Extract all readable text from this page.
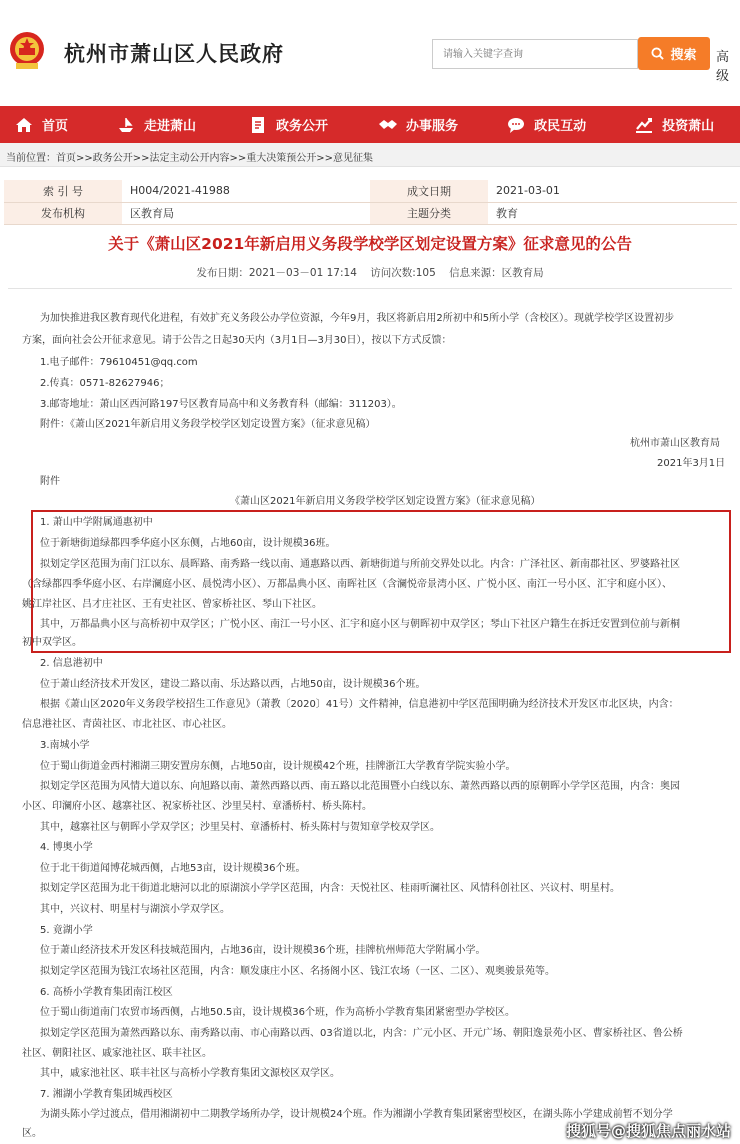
杭州市萧山区人民政府
请输入关键字查询	搜索 高级
首页	走进萧山	政务公开	办事服务	政民互动	投资萧山
当前位置：首页>>政务公开>>法定主动公开内容>>重大决策预公开>>意见征集
索 引 号	H004/2021-41988	成文日期	2021-03-01
发布机构	区教育局	主题分类	教育
关于《萧山区2021年新启用义务段学校学区划定设置方案》征求意见的公告
发布日期：2021－03－01 17:14    访问次数:105    信息来源：区教育局
为加快推进我区教育现代化进程，有效扩充义务段公办学位资源，今年9月，我区将新启用2所初中和5所小学（含校区）。现就学校学区设置初步
方案，面向社会公开征求意见。请于公告之日起30天内（3月1日—3月30日），按以下方式反馈：
1.电子邮件：79610451@qq.com
2.传真：0571-82627946；
3.邮寄地址：萧山区西河路197号区教育局高中和义务教育科（邮编：311203）。
附件：《萧山区2021年新启用义务段学校学区划定设置方案》（征求意见稿）
杭州市萧山区教育局
2021年3月1日
附件
《萧山区2021年新启用义务段学校学区划定设置方案》（征求意见稿）
1. 萧山中学附属通惠初中
位于新塘街道绿都四季华庭小区东侧，占地60亩，设计规模36班。
拟划定学区范围为南门江以东、晨晖路、南秀路一线以南、通惠路以西、新塘街道与所前交界处以北。内含：广泽社区、新南郡社区、罗婆路社区
（含绿都四季华庭小区、右岸澜庭小区、晨悦湾小区）、万都晶典小区、南晖社区（含澜悦帝景湾小区、广悦小区、南江一号小区、汇宇和庭小区）、
姚江岸社区、吕才庄社区、王有史社区、曾家桥社区、琴山下社区。
其中，万都晶典小区与高桥初中双学区；广悦小区、南江一号小区、汇宇和庭小区与朝晖初中双学区；琴山下社区户籍生在拆迁安置到位前与新桐
初中双学区。
2. 信息港初中
位于萧山经济技术开发区，建设二路以南、乐达路以西，占地50亩，设计规模36个班。
根据《萧山区2020年义务段学校招生工作意见》（萧教〔2020〕41号）文件精神，信息港初中学区范围明确为经济技术开发区市北区块，内含：
信息港社区、青茵社区、市北社区、市心社区。
3.南城小学
位于蜀山街道金西村湘湖三期安置房东侧，占地50亩，设计规模42个班，挂牌浙江大学教育学院实验小学。
拟划定学区范围为风情大道以东、向旭路以南、萧然西路以西、南五路以北范围暨小白线以东、萧然西路以西的原朝晖小学学区范围，内含：奥园
小区、印澜府小区、越寨社区、祝家桥社区、沙里吴村、章潘桥村、桥头陈村。
其中，越寨社区与朝晖小学双学区；沙里吴村、章潘桥村、桥头陈村与贺知章学校双学区。
4. 博奥小学
位于北干街道闻博花城西侧，占地53亩，设计规模36个班。
拟划定学区范围为北干街道北塘河以北的原湖滨小学学区范围，内含：天悦社区、桂雨听澜社区、风情科创社区、兴议村、明星村。
其中，兴议村、明星村与湖滨小学双学区。
5. 竟湖小学
位于萧山经济技术开发区科技城范围内，占地36亩，设计规模36个班，挂牌杭州师范大学附属小学。
拟划定学区范围为钱江农场社区范围，内含：顺发康庄小区、名扬阁小区、钱江农场（一区、二区）、观奥骏景苑等。
6. 高桥小学教育集团南江校区
位于蜀山街道南门农贸市场西侧，占地50.5亩，设计规模36个班，作为高桥小学教育集团紧密型办学校区。
拟划定学区范围为萧然西路以东、南秀路以南、市心南路以西、03省道以北，内含：广元小区、开元广场、朝阳逸景苑小区、曹家桥社区、鲁公桥
社区、朝阳社区、戚家池社区、联丰社区。
其中，戚家池社区、联丰社区与高桥小学教育集团文源校区双学区。
7. 湘湖小学教育集团城西校区
为湖头陈小学过渡点，借用湘湖初中二期教学场所办学，设计规模24个班。作为湘湖小学教育集团紧密型校区，在湖头陈小学建成前暂不划分学
区。	搜狐号@搜狐焦点丽水站
